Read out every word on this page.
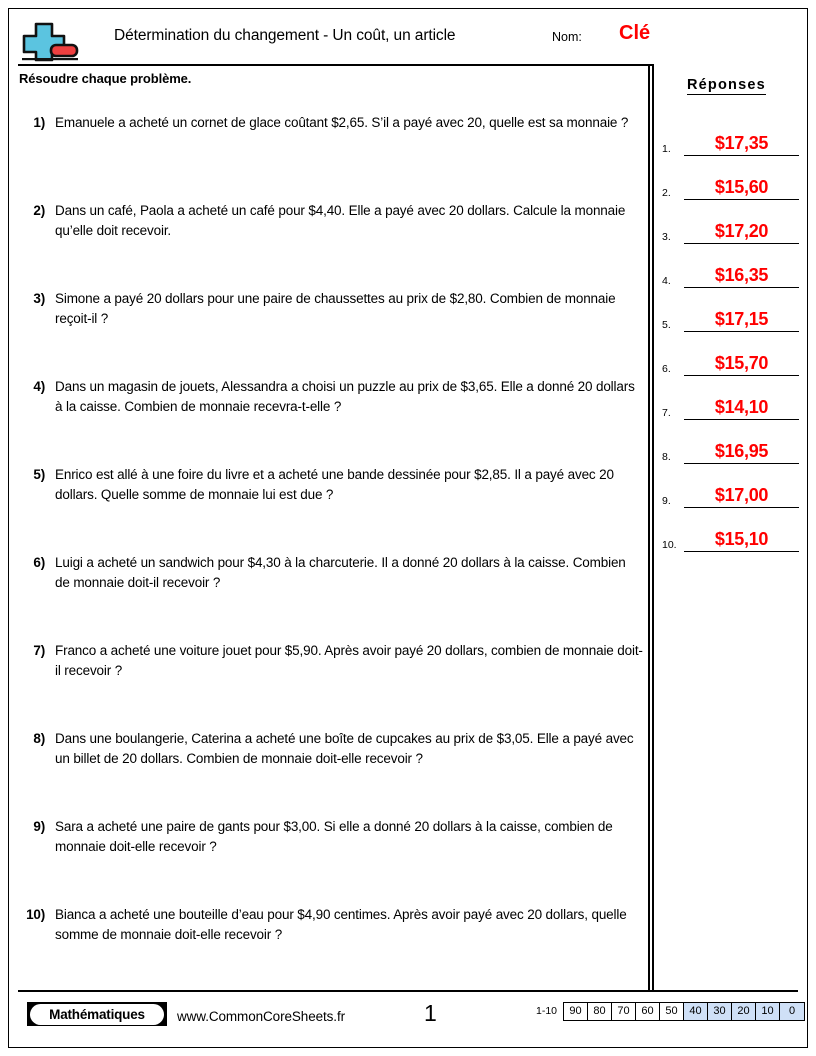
Détermination du changement - Un coût, un article	Nom: Clé
Résoudre chaque problème.
1) Emanuele a acheté un cornet de glace coûtant $2,65. S’il a payé avec 20, quelle est sa monnaie ?
2) Dans un café, Paola a acheté un café pour $4,40. Elle a payé avec 20 dollars. Calcule la monnaie qu’elle doit recevoir.
3) Simone a payé 20 dollars pour une paire de chaussettes au prix de $2,80. Combien de monnaie reçoit-il ?
4) Dans un magasin de jouets, Alessandra a choisi un puzzle au prix de $3,65. Elle a donné 20 dollars à la caisse. Combien de monnaie recevra-t-elle ?
5) Enrico est allé à une foire du livre et a acheté une bande dessinée pour $2,85. Il a payé avec 20 dollars. Quelle somme de monnaie lui est due ?
6) Luigi a acheté un sandwich pour $4,30 à la charcuterie. Il a donné 20 dollars à la caisse. Combien de monnaie doit-il recevoir ?
7) Franco a acheté une voiture jouet pour $5,90. Après avoir payé 20 dollars, combien de monnaie doit-il recevoir ?
8) Dans une boulangerie, Caterina a acheté une boîte de cupcakes au prix de $3,05. Elle a payé avec un billet de 20 dollars. Combien de monnaie doit-elle recevoir ?
9) Sara a acheté une paire de gants pour $3,00. Si elle a donné 20 dollars à la caisse, combien de monnaie doit-elle recevoir ?
10) Bianca a acheté une bouteille d’eau pour $4,90 centimes. Après avoir payé avec 20 dollars, quelle somme de monnaie doit-elle recevoir ?
Réponses
1.	$17,35
2.	$15,60
3.	$17,20
4.	$16,35
5.	$17,15
6.	$15,70
7.	$14,10
8.	$16,95
9.	$17,00
10.	$15,10
Mathématiques	www.CommonCoreSheets.fr	1	1-10	90	80	70	60	50	40	30	20	10	0
